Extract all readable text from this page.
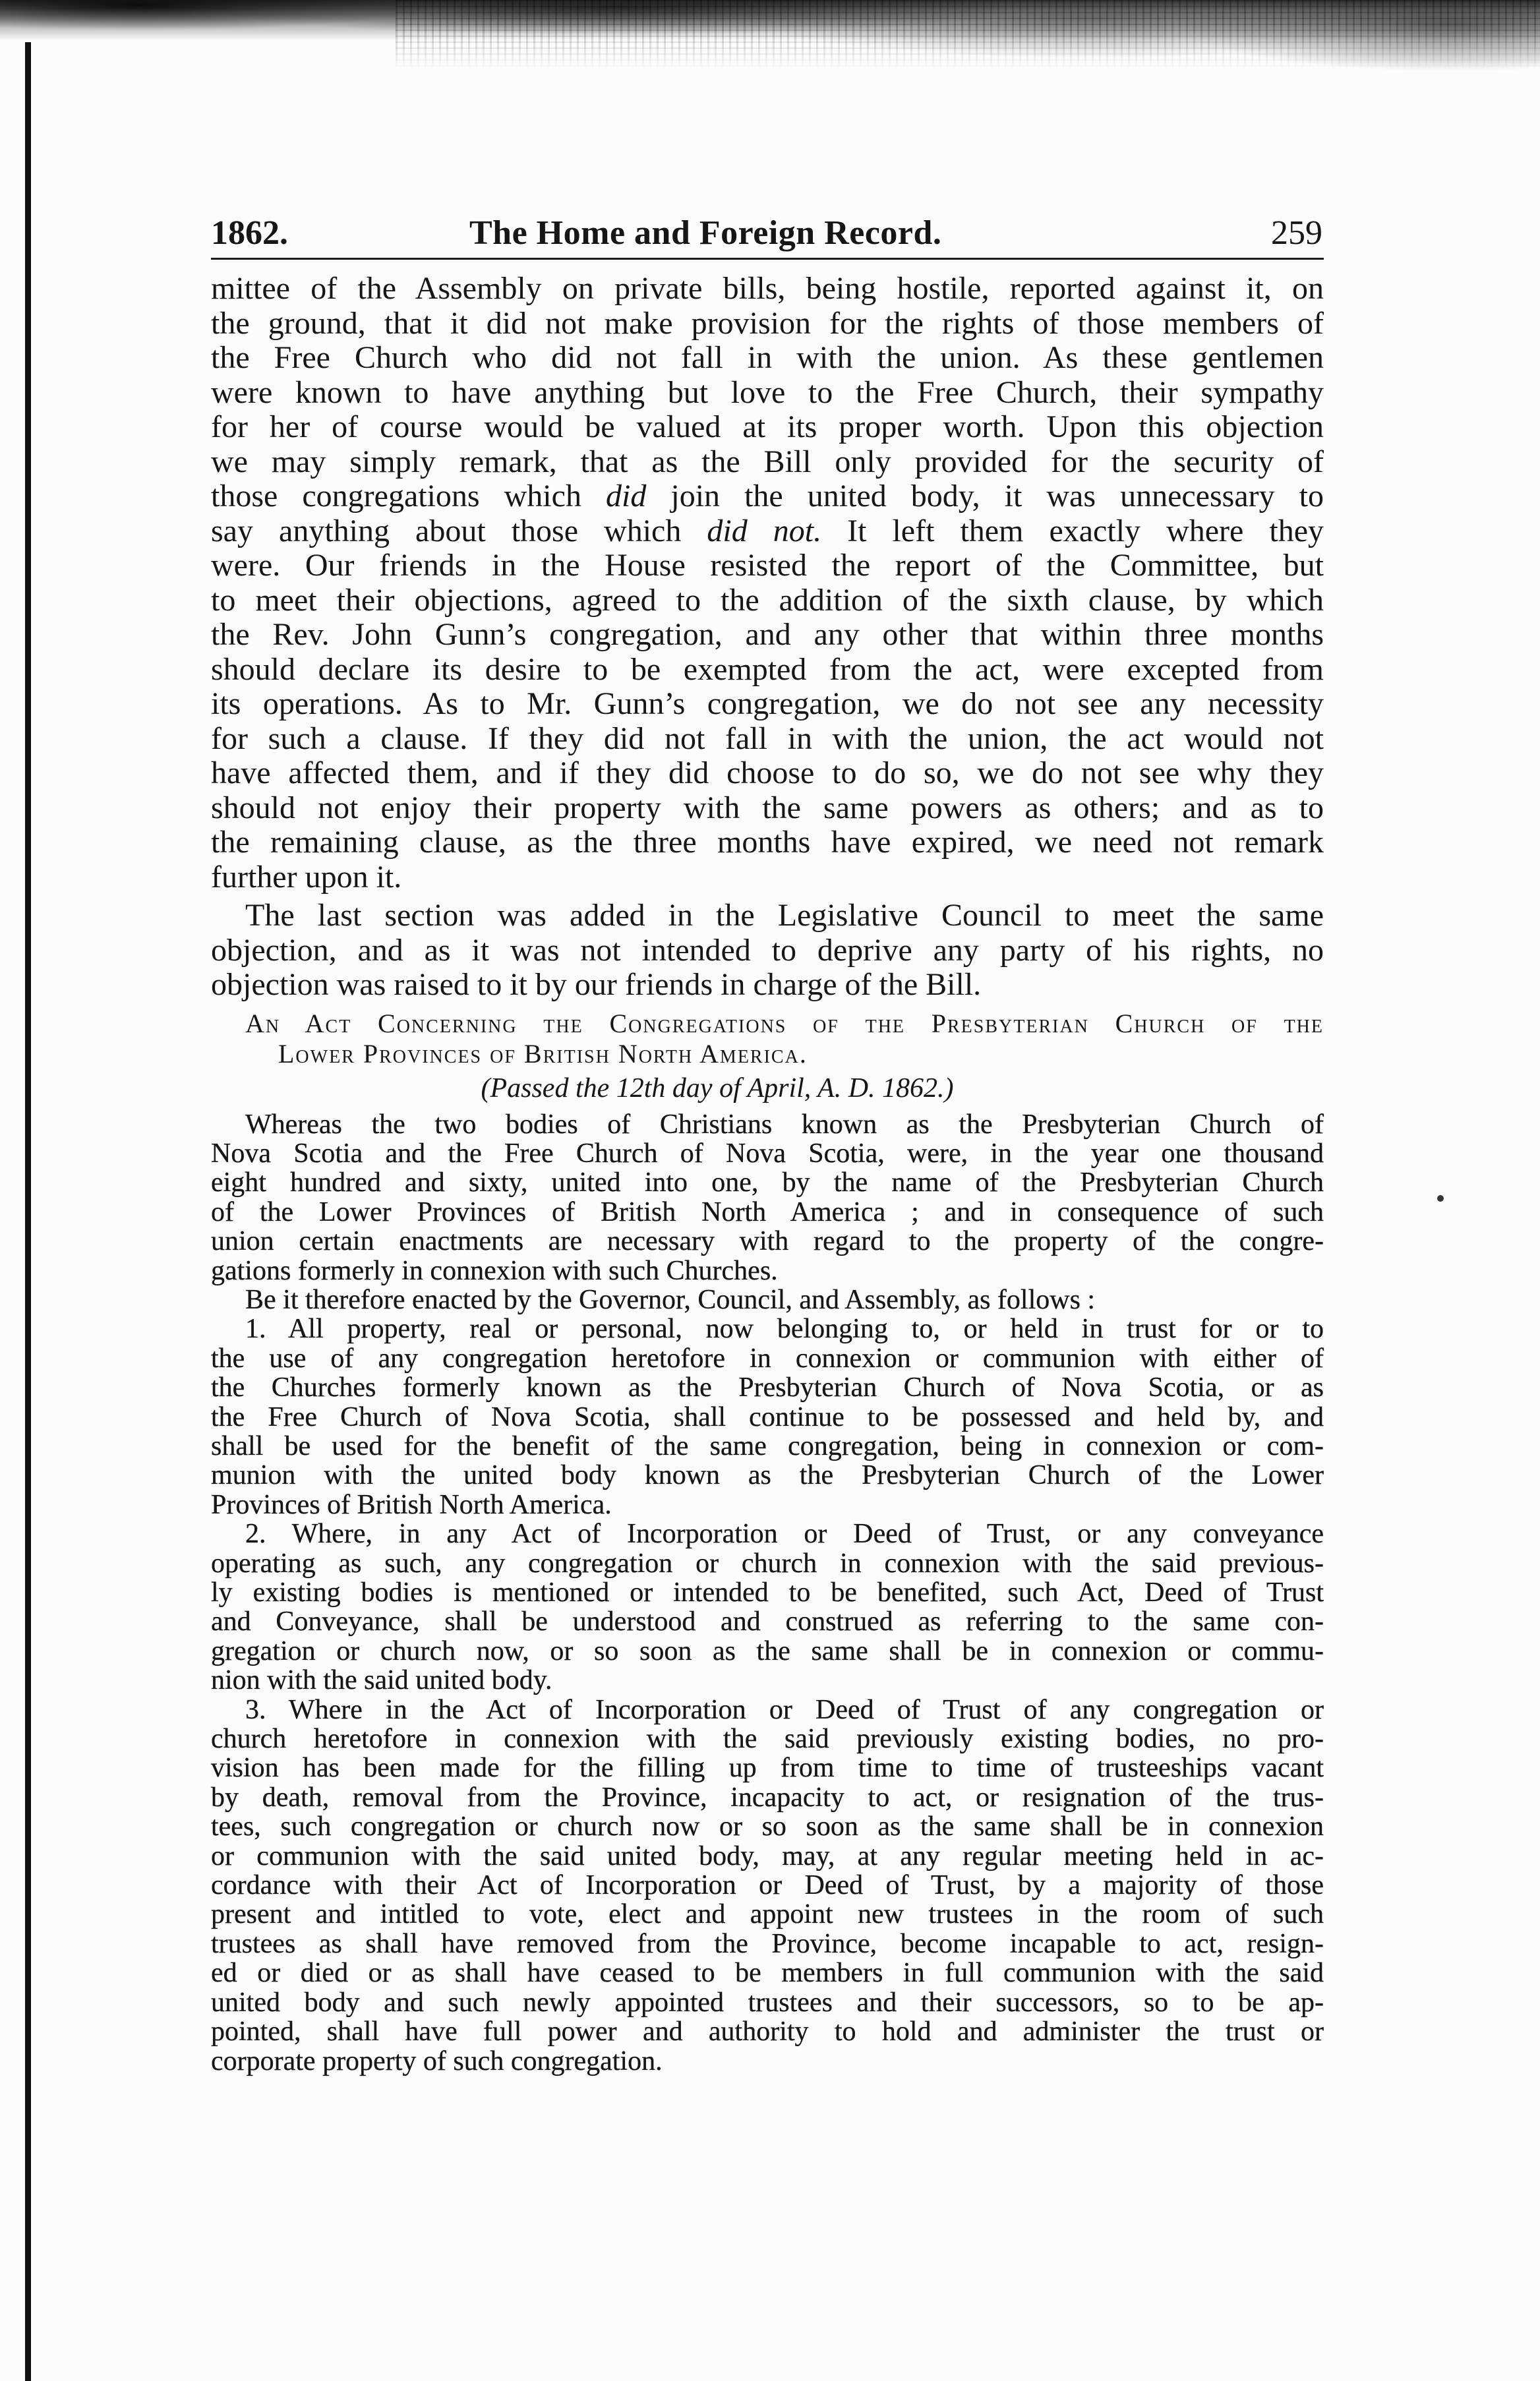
1862.	The Home and Foreign Record.	259
mittee of the Assembly on private bills, being hostile, reported against it, on
the ground, that it did not make provision for the rights of those members of
the Free Church who did not fall in with the union. As these gentlemen
were known to have anything but love to the Free Church, their sympathy
for her of course would be valued at its proper worth. Upon this objection
we may simply remark, that as the Bill only provided for the security of
those congregations which did join the united body, it was unnecessary to
say anything about those which did not. It left them exactly where they
were. Our friends in the House resisted the report of the Committee, but
to meet their objections, agreed to the addition of the sixth clause, by which
the Rev. John Gunn’s congregation, and any other that within three months
should declare its desire to be exempted from the act, were excepted from
its operations. As to Mr. Gunn’s congregation, we do not see any necessity
for such a clause. If they did not fall in with the union, the act would not
have affected them, and if they did choose to do so, we do not see why they
should not enjoy their property with the same powers as others; and as to
the remaining clause, as the three months have expired, we need not remark
further upon it.
The last section was added in the Legislative Council to meet the same
objection, and as it was not intended to deprive any party of his rights, no
objection was raised to it by our friends in charge of the Bill.
An Act Concerning the Congregations of the Presbyterian Church of the
Lower Provinces of British North America.
(Passed the 12th day of April, A. D. 1862.)
Whereas the two bodies of Christians known as the Presbyterian Church of
Nova Scotia and the Free Church of Nova Scotia, were, in the year one thousand
eight hundred and sixty, united into one, by the name of the Presbyterian Church
of the Lower Provinces of British North America ; and in consequence of such
union certain enactments are necessary with regard to the property of the congre-
gations formerly in connexion with such Churches.
Be it therefore enacted by the Governor, Council, and Assembly, as follows :
1. All property, real or personal, now belonging to, or held in trust for or to
the use of any congregation heretofore in connexion or communion with either of
the Churches formerly known as the Presbyterian Church of Nova Scotia, or as
the Free Church of Nova Scotia, shall continue to be possessed and held by, and
shall be used for the benefit of the same congregation, being in connexion or com-
munion with the united body known as the Presbyterian Church of the Lower
Provinces of British North America.
2. Where, in any Act of Incorporation or Deed of Trust, or any conveyance
operating as such, any congregation or church in connexion with the said previous-
ly existing bodies is mentioned or intended to be benefited, such Act, Deed of Trust
and Conveyance, shall be understood and construed as referring to the same con-
gregation or church now, or so soon as the same shall be in connexion or commu-
nion with the said united body.
3. Where in the Act of Incorporation or Deed of Trust of any congregation or
church heretofore in connexion with the said previously existing bodies, no pro-
vision has been made for the filling up from time to time of trusteeships vacant
by death, removal from the Province, incapacity to act, or resignation of the trus-
tees, such congregation or church now or so soon as the same shall be in connexion
or communion with the said united body, may, at any regular meeting held in ac-
cordance with their Act of Incorporation or Deed of Trust, by a majority of those
present and intitled to vote, elect and appoint new trustees in the room of such
trustees as shall have removed from the Province, become incapable to act, resign-
ed or died or as shall have ceased to be members in full communion with the said
united body and such newly appointed trustees and their successors, so to be ap-
pointed, shall have full power and authority to hold and administer the trust or
corporate property of such congregation.
